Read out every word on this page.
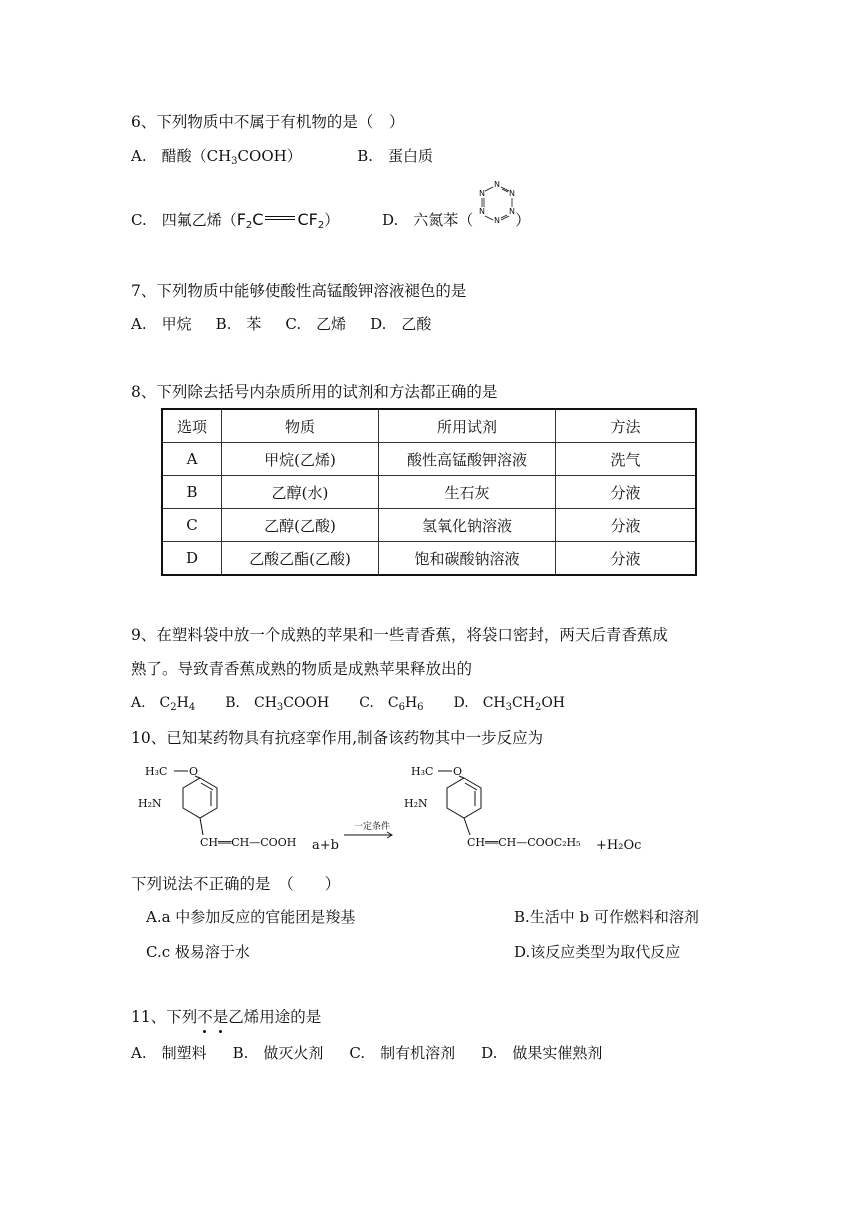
6、下列物质中不属于有机物的是（　）
A.　醋酸$(CH_3COOH)$	B.　蛋白质
C.　四氟乙烯（$F_2C$ $CF_2$）	D.　六氮苯（	）
N
N	N
N	N
N
7、下列物质中能够使酸性高锰酸钾溶液褪色的是
A.　甲烷 B.　苯 C.　乙烯 D.　乙酸
8、下列除去括号内杂质所用的试剂和方法都正确的是
选项	物质	所用试剂	方法
A	甲烷(乙烯)	酸性高锰酸钾溶液	洗气
B	乙醇(水)	生石灰	分液
C	乙醇(乙酸)	氢氧化钠溶液	分液
D	乙酸乙酯(乙酸)	饱和碳酸钠溶液	分液
9、在塑料袋中放一个成熟的苹果和一些青香蕉，将袋口密封，两天后青香蕉成
熟了。导致青香蕉成熟的物质是成熟苹果释放出的
A.　$C_2H_4$ B.　$CH_3COOH$ C.　$C_6H_6$ D.　$CH_3CH_2OH$
10、已知某药物具有抗痉挛作用,制备该药物其中一步反应为
H₃C O
H₂N
CH══CH—COOH a+b
一定条件
H₃C O
H₂N
CH══CH—COOC₂H₅ +H₂Oc
下列说法不正确的是　（　　）
A.a 中参加反应的官能团是羧基	B.生活中 b 可作燃料和溶剂
C.c 极易溶于水	D.该反应类型为取代反应
11、下列不是乙烯用途的是
A.　制塑料 B.　做灭火剂 C.　制有机溶剂 D.　做果实催熟剂
